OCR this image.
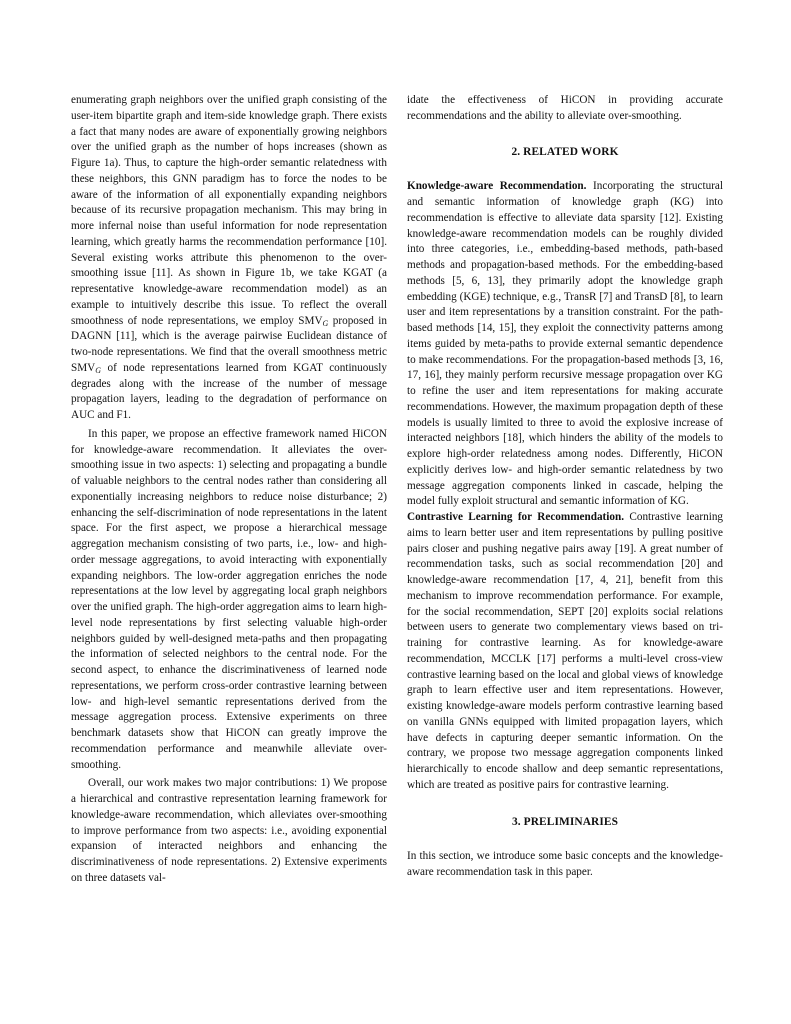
enumerating graph neighbors over the unified graph consisting of the user-item bipartite graph and item-side knowledge graph. There exists a fact that many nodes are aware of exponentially growing neighbors over the unified graph as the number of hops increases (shown as Figure 1a). Thus, to capture the high-order semantic relatedness with these neighbors, this GNN paradigm has to force the nodes to be aware of the information of all exponentially expanding neighbors because of its recursive propagation mechanism. This may bring in more infernal noise than useful information for node representation learning, which greatly harms the recommendation performance [10]. Several existing works attribute this phenomenon to the over-smoothing issue [11]. As shown in Figure 1b, we take KGAT (a representative knowledge-aware recommendation model) as an example to intuitively describe this issue. To reflect the overall smoothness of node representations, we employ $SMV_G$ proposed in DAGNN [11], which is the average pairwise Euclidean distance of two-node representations. We find that the overall smoothness metric $SMV_G$ of node representations learned from KGAT continuously degrades along with the increase of the number of message propagation layers, leading to the degradation of performance on AUC and F1.

In this paper, we propose an effective framework named HiCON for knowledge-aware recommendation. It alleviates the over-smoothing issue in two aspects: 1) selecting and propagating a bundle of valuable neighbors to the central nodes rather than considering all exponentially increasing neighbors to reduce noise disturbance; 2) enhancing the self-discrimination of node representations in the latent space. For the first aspect, we propose a hierarchical message aggregation mechanism consisting of two parts, i.e., low- and high-order message aggregations, to avoid interacting with exponentially expanding neighbors. The low-order aggregation enriches the node representations at the low level by aggregating local graph neighbors over the unified graph. The high-order aggregation aims to learn high-level node representations by first selecting valuable high-order neighbors guided by well-designed meta-paths and then propagating the information of selected neighbors to the central node. For the second aspect, to enhance the discriminativeness of learned node representations, we perform cross-order contrastive learning between low- and high-level semantic representations derived from the message aggregation process. Extensive experiments on three benchmark datasets show that HiCON can greatly improve the recommendation performance and meanwhile alleviate over-smoothing.

Overall, our work makes two major contributions: 1) We propose a hierarchical and contrastive representation learning framework for knowledge-aware recommendation, which alleviates over-smoothing to improve performance from two aspects: i.e., avoiding exponential expansion of interacted neighbors and enhancing the discriminativeness of node representations. 2) Extensive experiments on three datasets val-

idate the effectiveness of HiCON in providing accurate recommendations and the ability to alleviate over-smoothing.

2. RELATED WORK

Knowledge-aware Recommendation. Incorporating the structural and semantic information of knowledge graph (KG) into recommendation is effective to alleviate data sparsity [12]. Existing knowledge-aware recommendation models can be roughly divided into three categories, i.e., embedding-based methods, path-based methods and propagation-based methods. For the embedding-based methods [5, 6, 13], they primarily adopt the knowledge graph embedding (KGE) technique, e.g., TransR [7] and TransD [8], to learn user and item representations by a transition constraint. For the path-based methods [14, 15], they exploit the connectivity patterns among items guided by meta-paths to provide external semantic dependence to make recommendations. For the propagation-based methods [3, 16, 17, 16], they mainly perform recursive message propagation over KG to refine the user and item representations for making accurate recommendations. However, the maximum propagation depth of these models is usually limited to three to avoid the explosive increase of interacted neighbors [18], which hinders the ability of the models to explore high-order relatedness among nodes. Differently, HiCON explicitly derives low- and high-order semantic relatedness by two message aggregation components linked in cascade, helping the model fully exploit structural and semantic information of KG.

Contrastive Learning for Recommendation. Contrastive learning aims to learn better user and item representations by pulling positive pairs closer and pushing negative pairs away [19]. A great number of recommendation tasks, such as social recommendation [20] and knowledge-aware recommendation [17, 4, 21], benefit from this mechanism to improve recommendation performance. For example, for the social recommendation, SEPT [20] exploits social relations between users to generate two complementary views based on tri-training for contrastive learning. As for knowledge-aware recommendation, MCCLK [17] performs a multi-level cross-view contrastive learning based on the local and global views of knowledge graph to learn effective user and item representations. However, existing knowledge-aware models perform contrastive learning based on vanilla GNNs equipped with limited propagation layers, which have defects in capturing deeper semantic information. On the contrary, we propose two message aggregation components linked hierarchically to encode shallow and deep semantic representations, which are treated as positive pairs for contrastive learning.

3. PRELIMINARIES

In this section, we introduce some basic concepts and the knowledge-aware recommendation task in this paper.
